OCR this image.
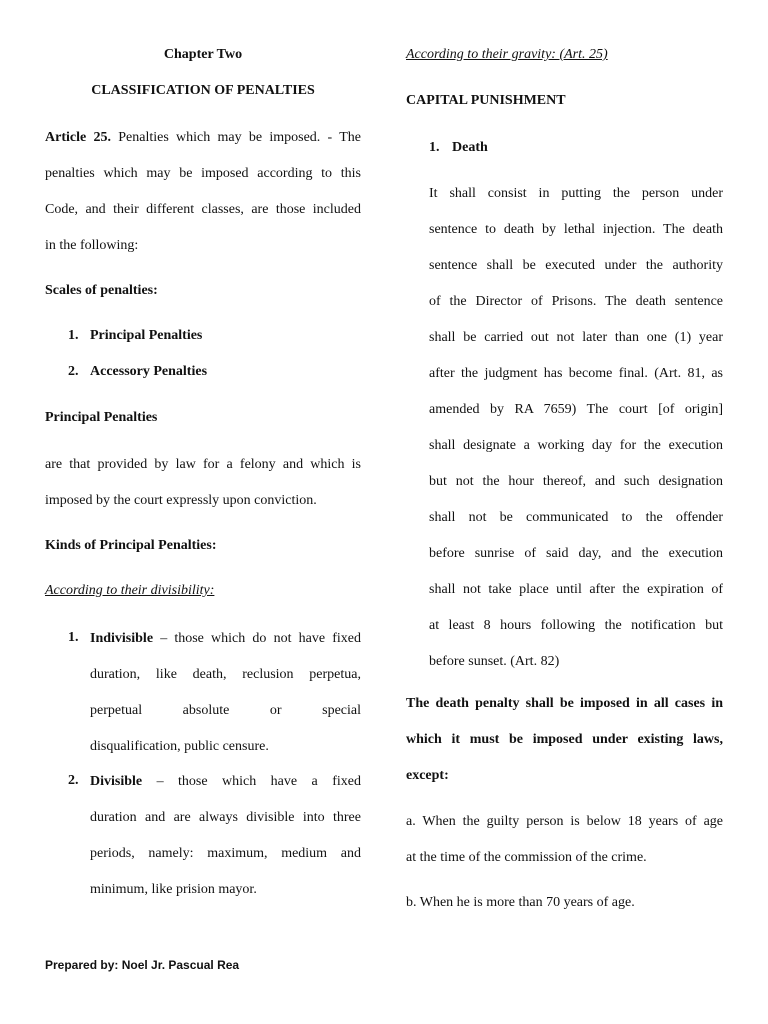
Chapter Two
CLASSIFICATION OF PENALTIES
Article 25. Penalties which may be imposed. - The
penalties which may be imposed according to this
Code, and their different classes, are those included
in the following:
Scales of penalties:
1. Principal Penalties
2. Accessory Penalties
Principal Penalties
are that provided by law for a felony and which is
imposed by the court expressly upon conviction.
Kinds of Principal Penalties:
According to their divisibility:
1. Indivisible – those which do not have fixed
duration, like death, reclusion perpetua,
perpetual absolute or special
disqualification, public censure.
2. Divisible – those which have a fixed
duration and are always divisible into three
periods, namely: maximum, medium and
minimum, like prision mayor.
According to their gravity: (Art. 25)
CAPITAL PUNISHMENT
1. Death
It shall consist in putting the person under
sentence to death by lethal injection. The death
sentence shall be executed under the authority
of the Director of Prisons. The death sentence
shall be carried out not later than one (1) year
after the judgment has become final. (Art. 81, as
amended by RA 7659) The court [of origin]
shall designate a working day for the execution
but not the hour thereof, and such designation
shall not be communicated to the offender
before sunrise of said day, and the execution
shall not take place until after the expiration of
at least 8 hours following the notification but
before sunset. (Art. 82)
The death penalty shall be imposed in all cases in
which it must be imposed under existing laws,
except:
a. When the guilty person is below 18 years of age
at the time of the commission of the crime.
b. When he is more than 70 years of age.
Prepared by: Noel Jr. Pascual Rea
